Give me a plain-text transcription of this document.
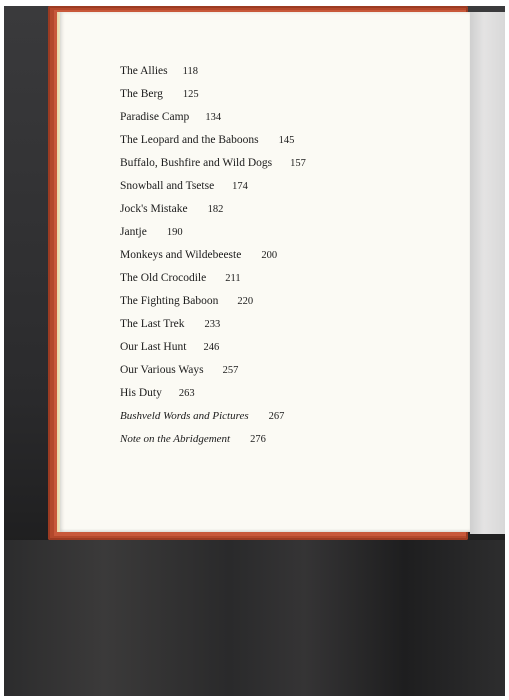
The Allies 118
The Berg 125
Paradise Camp 134
The Leopard and the Baboons 145
Buffalo, Bushfire and Wild Dogs 157
Snowball and Tsetse 174
Jock's Mistake 182
Jantje 190
Monkeys and Wildebeeste 200
The Old Crocodile 211
The Fighting Baboon 220
The Last Trek 233
Our Last Hunt 246
Our Various Ways 257
His Duty 263
Bushveld Words and Pictures 267
Note on the Abridgement 276
